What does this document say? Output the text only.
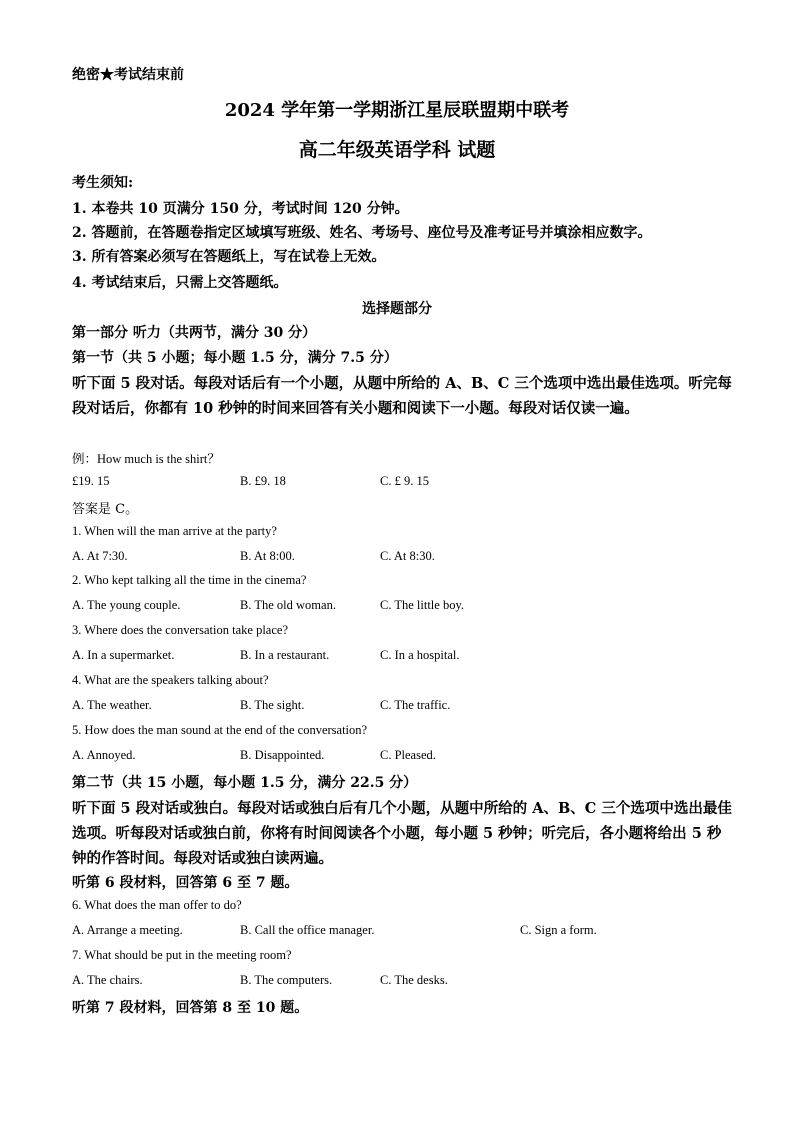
绝密★考试结束前
2024 学年第一学期浙江星辰联盟期中联考
高二年级英语学科 试题
考生须知:
1. 本卷共 10 页满分 150 分，考试时间 120 分钟。
2. 答题前，在答题卷指定区域填写班级、姓名、考场号、座位号及准考证号并填涂相应数字。
3. 所有答案必须写在答题纸上，写在试卷上无效。
4. 考试结束后，只需上交答题纸。
选择题部分
第一部分 听力（共两节，满分 30 分）
第一节（共 5 小题；每小题 1.5 分，满分 7.5 分）
听下面 5 段对话。每段对话后有一个小题，从题中所给的 A、B、C 三个选项中选出最佳选项。听完每段对话后，你都有 10 秒钟的时间来回答有关小题和阅读下一小题。每段对话仅读一遍。
例：How much is the shirt？
£19. 15	B. £9. 18	C. £ 9. 15
答案是 C。
1. When will the man arrive at the party?
A. At 7:30.	B. At 8:00.	C. At 8:30.
2. Who kept talking all the time in the cinema?
A. The young couple.	B. The old woman.	C. The little boy.
3. Where does the conversation take place?
A. In a supermarket.	B. In a restaurant.	C. In a hospital.
4. What are the speakers talking about?
A. The weather.	B. The sight.	C. The traffic.
5. How does the man sound at the end of the conversation?
A. Annoyed.	B. Disappointed.	C. Pleased.
第二节（共 15 小题，每小题 1.5 分，满分 22.5 分）
听下面 5 段对话或独白。每段对话或独白后有几个小题，从题中所给的 A、B、C 三个选项中选出最佳选项。听每段对话或独白前，你将有时间阅读各个小题，每小题 5 秒钟；听完后，各小题将给出 5 秒钟的作答时间。每段对话或独白读两遍。
听第 6 段材料，回答第 6 至 7 题。
6. What does the man offer to do?
A. Arrange a meeting.	B. Call the office manager.	C. Sign a form.
7. What should be put in the meeting room?
A. The chairs.	B. The computers.	C. The desks.
听第 7 段材料，回答第 8 至 10 题。
